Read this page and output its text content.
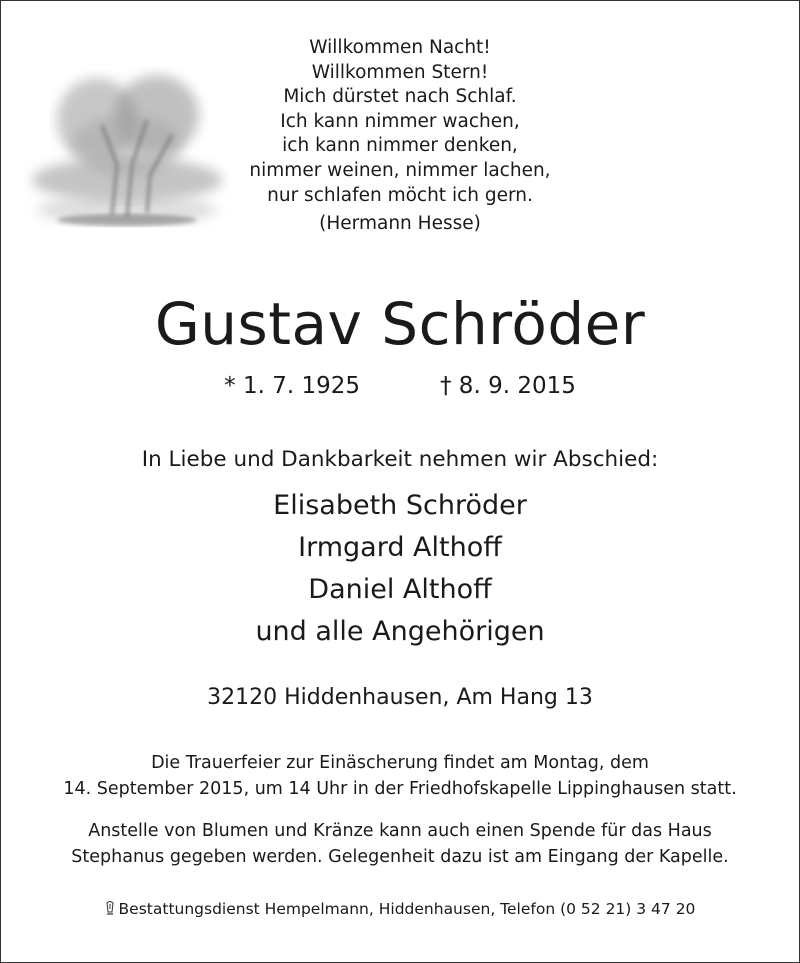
Willkommen Nacht!
Willkommen Stern!
Mich dürstet nach Schlaf.
Ich kann nimmer wachen,
ich kann nimmer denken,
nimmer weinen, nimmer lachen,
nur schlafen möcht ich gern.
(Hermann Hesse)
Gustav Schröder
* 1. 7. 1925	† 8. 9. 2015
In Liebe und Dankbarkeit nehmen wir Abschied:
Elisabeth Schröder
Irmgard Althoff
Daniel Althoff
und alle Angehörigen
32120 Hiddenhausen, Am Hang 13
Die Trauerfeier zur Einäscherung findet am Montag, dem
14. September 2015, um 14 Uhr in der Friedhofskapelle Lippinghausen statt.
Anstelle von Blumen und Kränze kann auch einen Spende für das Haus
Stephanus gegeben werden. Gelegenheit dazu ist am Eingang der Kapelle.
Bestattungsdienst Hempelmann, Hiddenhausen, Telefon (0 52 21) 3 47 20
